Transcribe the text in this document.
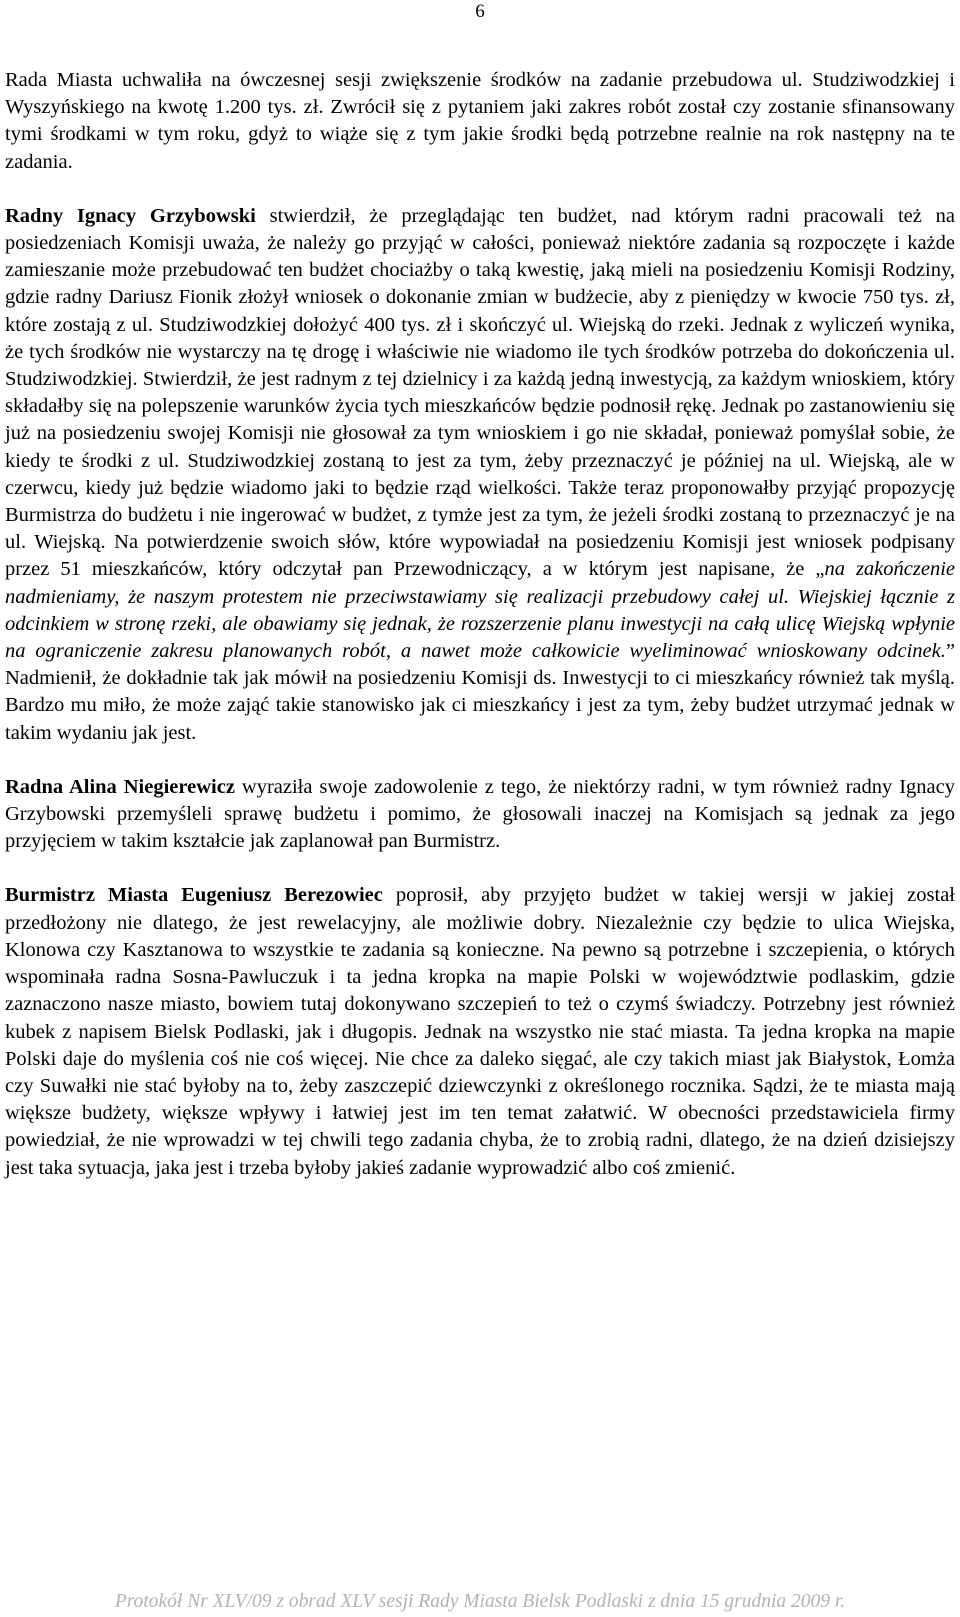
6

Rada Miasta uchwaliła na ówczesnej sesji zwiększenie środków na zadanie przebudowa ul. Studziwodzkiej i Wyszyńskiego na kwotę 1.200 tys. zł. Zwrócił się z pytaniem jaki zakres robót został czy zostanie sfinansowany tymi środkami w tym roku, gdyż to wiąże się z tym jakie środki będą potrzebne realnie na rok następny na te zadania.

Radny Ignacy Grzybowski stwierdził, że przeglądając ten budżet, nad którym radni pracowali też na posiedzeniach Komisji uważa, że należy go przyjąć w całości, ponieważ niektóre zadania są rozpoczęte i każde zamieszanie może przebudować ten budżet chociażby o taką kwestię, jaką mieli na posiedzeniu Komisji Rodziny, gdzie radny Dariusz Fionik złożył wniosek o dokonanie zmian w budżecie, aby z pieniędzy w kwocie 750 tys. zł, które zostają z ul. Studziwodzkiej dołożyć 400 tys. zł i skończyć ul. Wiejską do rzeki. Jednak z wyliczeń wynika, że tych środków nie wystarczy na tę drogę i właściwie nie wiadomo ile tych środków potrzeba do dokończenia ul. Studziwodzkiej. Stwierdził, że jest radnym z tej dzielnicy i za każdą jedną inwestycją, za każdym wnioskiem, który składałby się na polepszenie warunków życia tych mieszkańców będzie podnosił rękę. Jednak po zastanowieniu się już na posiedzeniu swojej Komisji nie głosował za tym wnioskiem i go nie składał, ponieważ pomyślał sobie, że kiedy te środki z ul. Studziwodzkiej zostaną to jest za tym, żeby przeznaczyć je później na ul. Wiejską, ale w czerwcu, kiedy już będzie wiadomo jaki to będzie rząd wielkości. Także teraz proponowałby przyjąć propozycję Burmistrza do budżetu i nie ingerować w budżet, z tymże jest za tym, że jeżeli środki zostaną to przeznaczyć je na ul. Wiejską. Na potwierdzenie swoich słów, które wypowiadał na posiedzeniu Komisji jest wniosek podpisany przez 51 mieszkańców, który odczytał pan Przewodniczący, a w którym jest napisane, że „na zakończenie nadmieniamy, że naszym protestem nie przeciwstawiamy się realizacji przebudowy całej ul. Wiejskiej łącznie z odcinkiem w stronę rzeki, ale obawiamy się jednak, że rozszerzenie planu inwestycji na całą ulicę Wiejską wpłynie na ograniczenie zakresu planowanych robót, a nawet może całkowicie wyeliminować wnioskowany odcinek.” Nadmienił, że dokładnie tak jak mówił na posiedzeniu Komisji ds. Inwestycji to ci mieszkańcy również tak myślą. Bardzo mu miło, że może zająć takie stanowisko jak ci mieszkańcy i jest za tym, żeby budżet utrzymać jednak w takim wydaniu jak jest.

Radna Alina Niegierewicz wyraziła swoje zadowolenie z tego, że niektórzy radni, w tym również radny Ignacy Grzybowski przemyśleli sprawę budżetu i pomimo, że głosowali inaczej na Komisjach są jednak za jego przyjęciem w takim kształcie jak zaplanował pan Burmistrz.

Burmistrz Miasta Eugeniusz Berezowiec poprosił, aby przyjęto budżet w takiej wersji w jakiej został przedłożony nie dlatego, że jest rewelacyjny, ale możliwie dobry. Niezależnie czy będzie to ulica Wiejska, Klonowa czy Kasztanowa to wszystkie te zadania są konieczne. Na pewno są potrzebne i szczepienia, o których wspominała radna Sosna-Pawluczuk i ta jedna kropka na mapie Polski w województwie podlaskim, gdzie zaznaczono nasze miasto, bowiem tutaj dokonywano szczepień to też o czymś świadczy. Potrzebny jest również kubek z napisem Bielsk Podlaski, jak i długopis. Jednak na wszystko nie stać miasta. Ta jedna kropka na mapie Polski daje do myślenia coś nie coś więcej. Nie chce za daleko sięgać, ale czy takich miast jak Białystok, Łomża czy Suwałki nie stać byłoby na to, żeby zaszczepić dziewczynki z określonego rocznika. Sądzi, że te miasta mają większe budżety, większe wpływy i łatwiej jest im ten temat załatwić. W obecności przedstawiciela firmy powiedział, że nie wprowadzi w tej chwili tego zadania chyba, że to zrobią radni, dlatego, że na dzień dzisiejszy jest taka sytuacja, jaka jest i trzeba byłoby jakieś zadanie wyprowadzić albo coś zmienić.

Protokół Nr XLV/09 z obrad XLV sesji Rady Miasta Bielsk Podlaski z dnia 15 grudnia 2009 r.
